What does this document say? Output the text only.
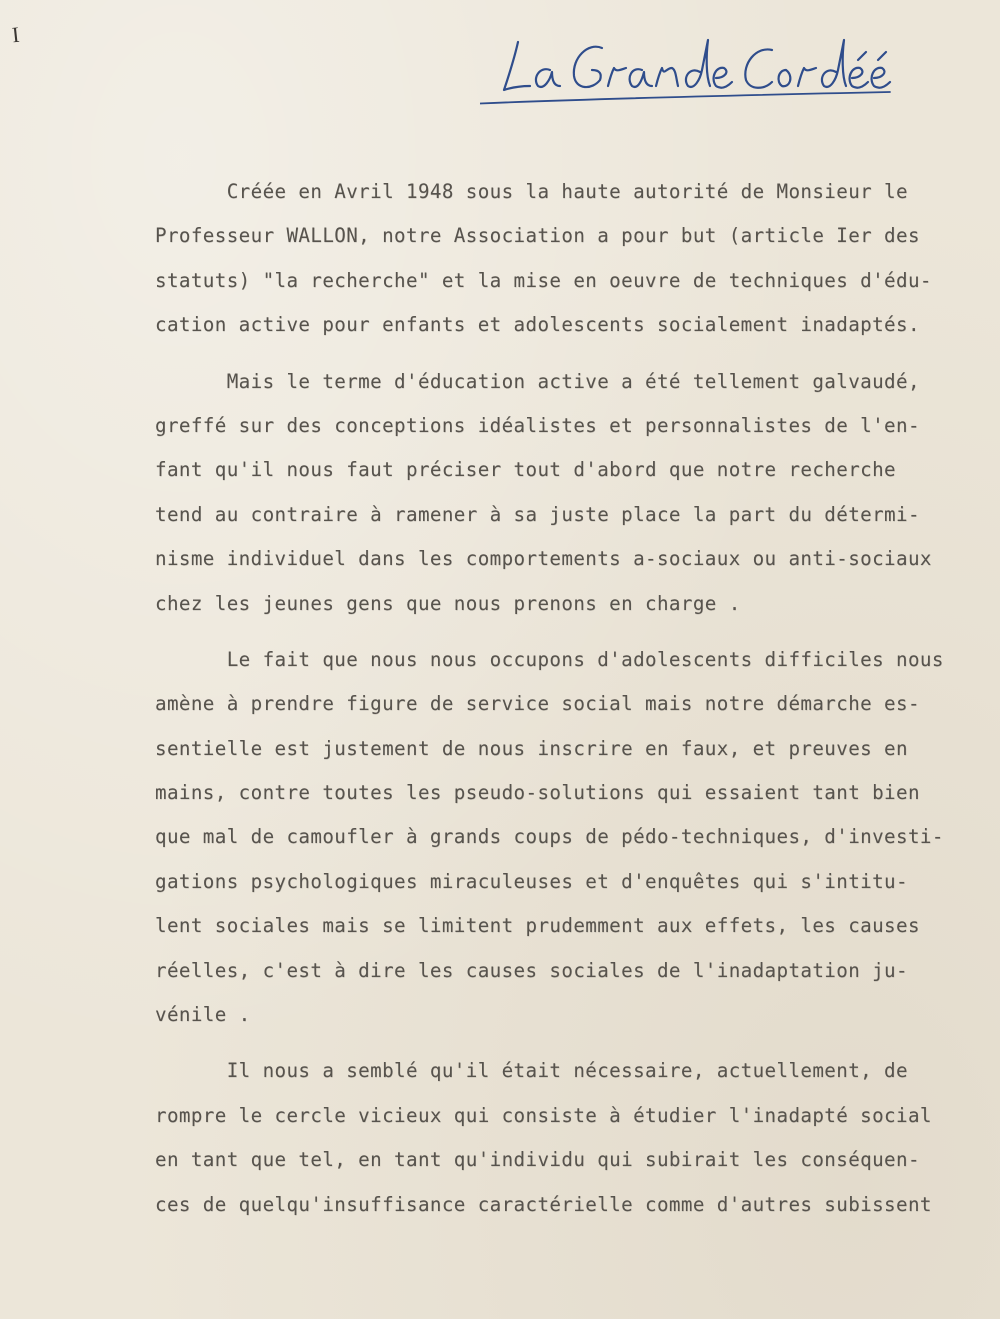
I
Créée en Avril 1948 sous la haute autorité de Monsieur le
Professeur WALLON, notre Association a pour but (article Ier des
statuts) "la recherche" et la mise en oeuvre de techniques d'édu-
cation active pour enfants et adolescents socialement inadaptés.
Mais le terme d'éducation active a été tellement galvaudé,
greffé sur des conceptions idéalistes et personnalistes de l'en-
fant qu'il nous faut préciser tout d'abord que notre recherche
tend au contraire à ramener à sa juste place la part du détermi-
nisme individuel dans les comportements a-sociaux ou anti-sociaux
chez les jeunes gens que nous prenons en charge .
Le fait que nous nous occupons d'adolescents difficiles nous
amène à prendre figure de service social mais notre démarche es-
sentielle est justement de nous inscrire en faux, et preuves en
mains, contre toutes les pseudo-solutions qui essaient tant bien
que mal de camoufler à grands coups de pédo-techniques, d'investi-
gations psychologiques miraculeuses et d'enquêtes qui s'intitu-
lent sociales mais se limitent prudemment aux effets, les causes
réelles, c'est à dire les causes sociales de l'inadaptation ju-
vénile .
Il nous a semblé qu'il était nécessaire, actuellement, de
rompre le cercle vicieux qui consiste à étudier l'inadapté social
en tant que tel, en tant qu'individu qui subirait les conséquen-
ces de quelqu'insuffisance caractérielle comme d'autres subissent
